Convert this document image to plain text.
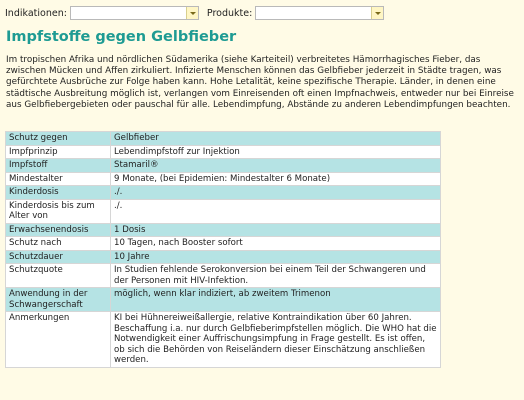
Indikationen:	Produkte:
Impfstoffe gegen Gelbfieber

Im tropischen Afrika und nördlichen Südamerika (siehe Karteiteil) verbreitetes Hämorrhagisches Fieber, das zwischen Mücken und Affen zirkuliert. Infizierte Menschen können das Gelbfieber jederzeit in Städte tragen, was gefürchtete Ausbrüche zur Folge haben kann. Hohe Letalität, keine spezifische Therapie. Länder, in denen eine städtische Ausbreitung möglich ist, verlangen vom Einreisenden oft einen Impfnachweis, entweder nur bei Einreise aus Gelbfiebergebieten oder pauschal für alle. Lebendimpfung, Abstände zu anderen Lebendimpfungen beachten.

Schutz gegen	Gelbfieber
Impfprinzip	Lebendimpfstoff zur Injektion
Impfstoff	Stamaril®
Mindestalter	9 Monate, (bei Epidemien: Mindestalter 6 Monate)
Kinderdosis	./.
Kinderdosis bis zum Alter von	./.
Erwachsenendosis	1 Dosis
Schutz nach	10 Tagen, nach Booster sofort
Schutzdauer	10 Jahre
Schutzquote	In Studien fehlende Serokonversion bei einem Teil der Schwangeren und der Personen mit HIV-Infektion.
Anwendung in der Schwangerschaft	möglich, wenn klar indiziert, ab zweitem Trimenon
Anmerkungen	KI bei Hühnereiweißallergie, relative Kontraindikation über 60 Jahren. Beschaffung i.a. nur durch Gelbfieberimpfstellen möglich. Die WHO hat die Notwendigkeit einer Auffrischungsimpfung in Frage gestellt. Es ist offen, ob sich die Behörden von Reiseländern dieser Einschätzung anschließen werden.
